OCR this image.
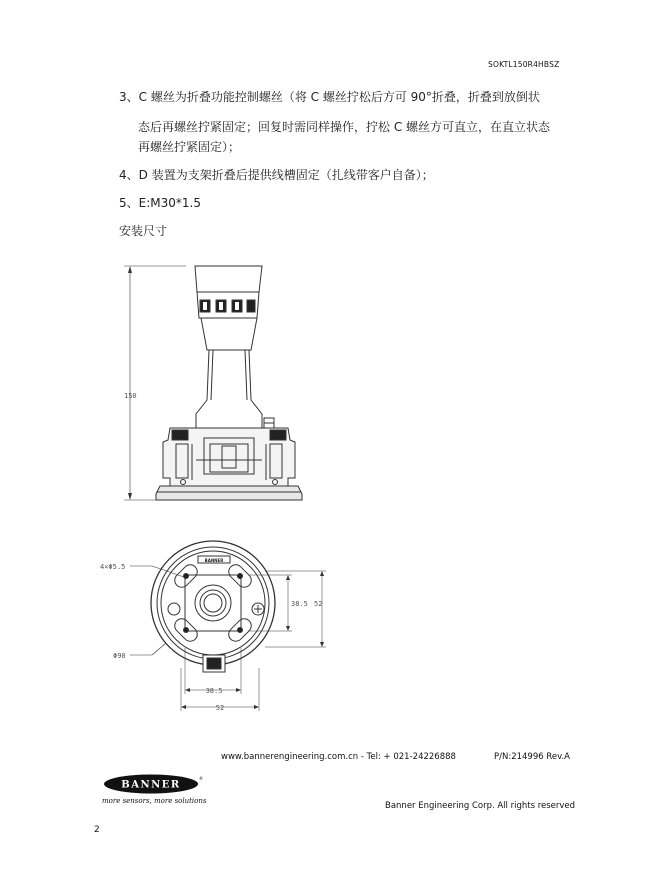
SOKTL150R4HBSZ
3、C 螺丝为折叠功能控制螺丝（将 C 螺丝拧松后方可 90°折叠，折叠到放倒状
态后再螺丝拧紧固定；回复时需同样操作，拧松 C 螺丝方可直立，在直立状态
再螺丝拧紧固定）；
4、D 装置为支架折叠后提供线槽固定（扎线带客户自备）；
5、E:M30*1.5
安装尺寸
150
BANNER
4×Φ5.5
Φ90
38.5 52
38.5
52
www.bannerengineering.com.cn - Tel: + 021-24226888	P/N:214996 Rev.A
BANNER
®
more sensors, more solutions	Banner Engineering Corp. All rights reserved
2
